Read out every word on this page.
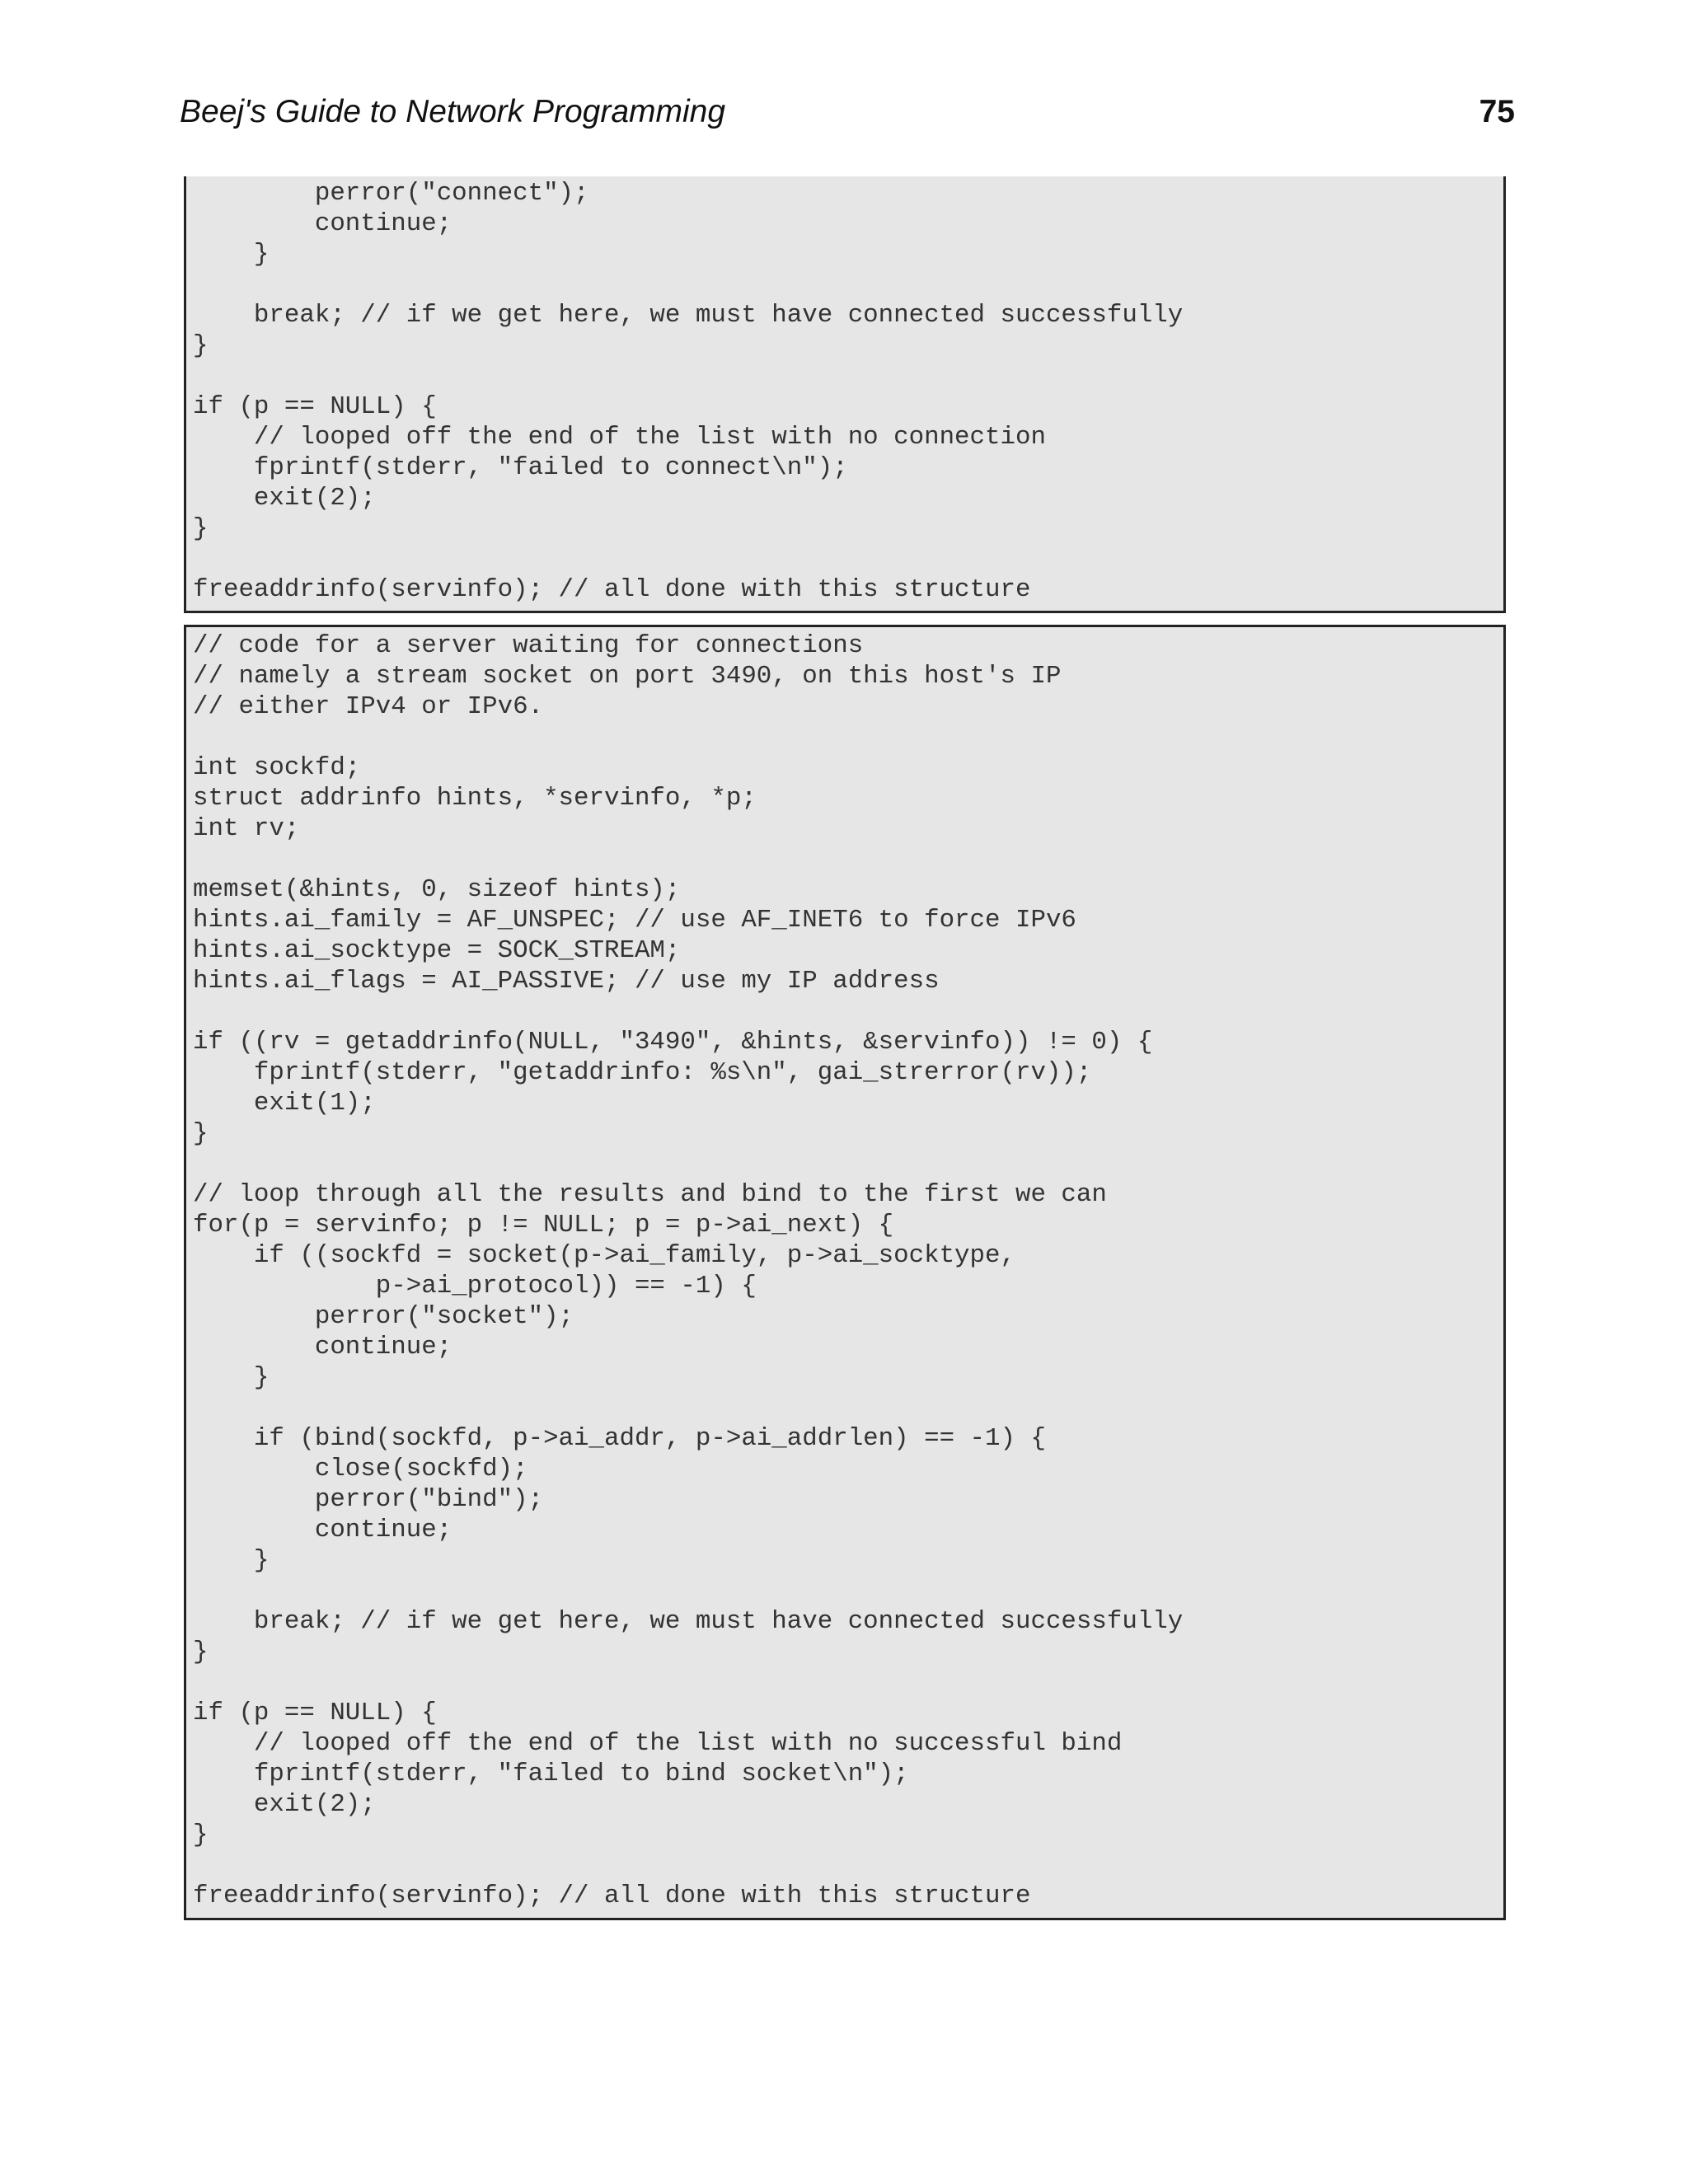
Beej's Guide to Network Programming	75
perror("connect");
continue;
}

break; // if we get here, we must have connected successfully
}

if (p == NULL) {
// looped off the end of the list with no connection
fprintf(stderr, "failed to connect\n");
exit(2);
}

freeaddrinfo(servinfo); // all done with this structure
// code for a server waiting for connections
// namely a stream socket on port 3490, on this host's IP
// either IPv4 or IPv6.

int sockfd;
struct addrinfo hints, *servinfo, *p;
int rv;

memset(&hints, 0, sizeof hints);
hints.ai_family = AF_UNSPEC; // use AF_INET6 to force IPv6
hints.ai_socktype = SOCK_STREAM;
hints.ai_flags = AI_PASSIVE; // use my IP address

if ((rv = getaddrinfo(NULL, "3490", &hints, &servinfo)) != 0) {
fprintf(stderr, "getaddrinfo: %s\n", gai_strerror(rv));
exit(1);
}

// loop through all the results and bind to the first we can
for(p = servinfo; p != NULL; p = p->ai_next) {
if ((sockfd = socket(p->ai_family, p->ai_socktype,
p->ai_protocol)) == -1) {
perror("socket");
continue;
}

if (bind(sockfd, p->ai_addr, p->ai_addrlen) == -1) {
close(sockfd);
perror("bind");
continue;
}

break; // if we get here, we must have connected successfully
}

if (p == NULL) {
// looped off the end of the list with no successful bind
fprintf(stderr, "failed to bind socket\n");
exit(2);
}

freeaddrinfo(servinfo); // all done with this structure
